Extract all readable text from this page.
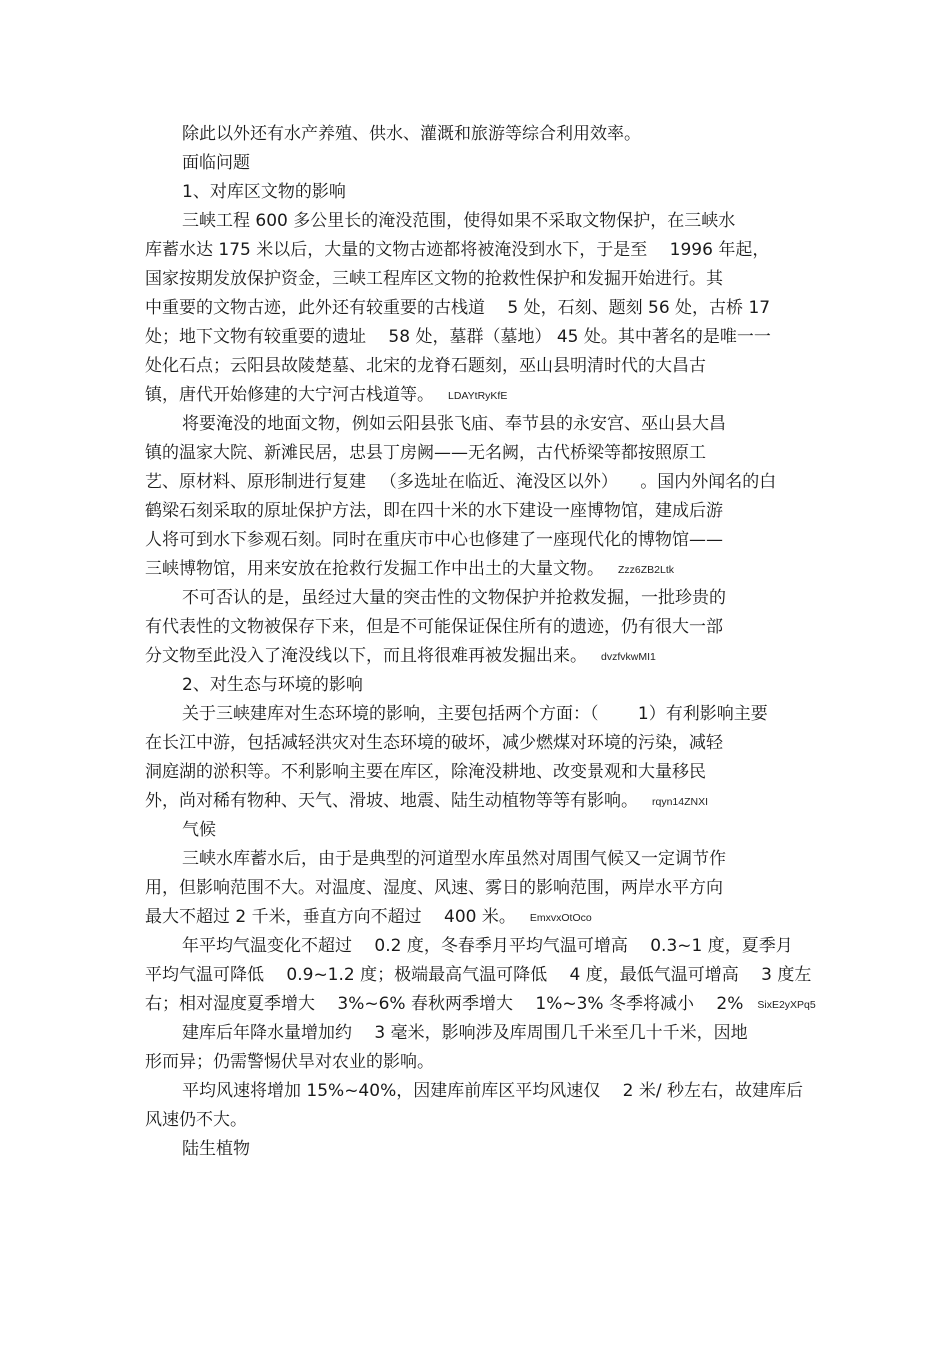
除此以外还有水产养殖、供水、灌溉和旅游等综合利用效率。
面临问题
1、对库区文物的影响
三峡工程 600 多公里长的淹没范围，使得如果不采取文物保护，在三峡水
库蓄水达 175 米以后，大量的文物古迹都将被淹没到水下，于是至 　1996 年起，
国家按期发放保护资金，三峡工程库区文物的抢救性保护和发掘开始进行。其
中重要的文物古迹，此外还有较重要的古栈道 　5 处，石刻、题刻 56 处，古桥 17
处；地下文物有较重要的遗址 　58 处，墓群（墓地） 45 处。其中著名的是唯一一
处化石点；云阳县故陵楚墓、北宋的龙脊石题刻，巫山县明清时代的大昌古
镇，唐代开始修建的大宁河古栈道等。 LDAYtRyKfE
将要淹没的地面文物，例如云阳县张飞庙、奉节县的永安宫、巫山县大昌
镇的温家大院、新滩民居，忠县丁房阙——无名阙，古代桥梁等都按照原工
艺、原材料、原形制进行复建 　（多选址在临近、淹没区以外） 　。国内外闻名的白
鹤梁石刻采取的原址保护方法，即在四十米的水下建设一座博物馆，建成后游
人将可到水下参观石刻。同时在重庆市中心也修建了一座现代化的博物馆——
三峡博物馆，用来安放在抢救行发掘工作中出土的大量文物。 Zzz6ZB2Ltk
不可否认的是，虽经过大量的突击性的文物保护并抢救发掘，一批珍贵的
有代表性的文物被保存下来，但是不可能保证保住所有的遗迹，仍有很大一部
分文物至此没入了淹没线以下，而且将很难再被发掘出来。 dvzfvkwMI1
2、对生态与环境的影响
关于三峡建库对生态环境的影响，主要包括两个方面：（ 　　1）有利影响主要
在长江中游，包括减轻洪灾对生态环境的破坏，减少燃煤对环境的污染，减轻
洞庭湖的淤积等。不利影响主要在库区，除淹没耕地、改变景观和大量移民
外，尚对稀有物种、天气、滑坡、地震、陆生动植物等等有影响。 rqyn14ZNXI
气候
三峡水库蓄水后，由于是典型的河道型水库虽然对周围气候又一定调节作
用，但影响范围不大。对温度、湿度、风速、雾日的影响范围，两岸水平方向
最大不超过 2 千米，垂直方向不超过 　400 米。 EmxvxOtOco
年平均气温变化不超过 　0.2 度，冬春季月平均气温可增高 　0.3~1 度，夏季月
平均气温可降低 　0.9~1.2 度；极端最高气温可降低 　4 度，最低气温可增高 　3 度左
右；相对湿度夏季增大 　3%~6% 春秋两季增大 　1%~3% 冬季将减小 　2% SixE2yXPq5
建库后年降水量增加约 　3 毫米，影响涉及库周围几千米至几十千米，因地
形而异；仍需警惕伏旱对农业的影响。
平均风速将增加 15%~40%，因建库前库区平均风速仅 　2 米/ 秒左右，故建库后
风速仍不大。
陆生植物
